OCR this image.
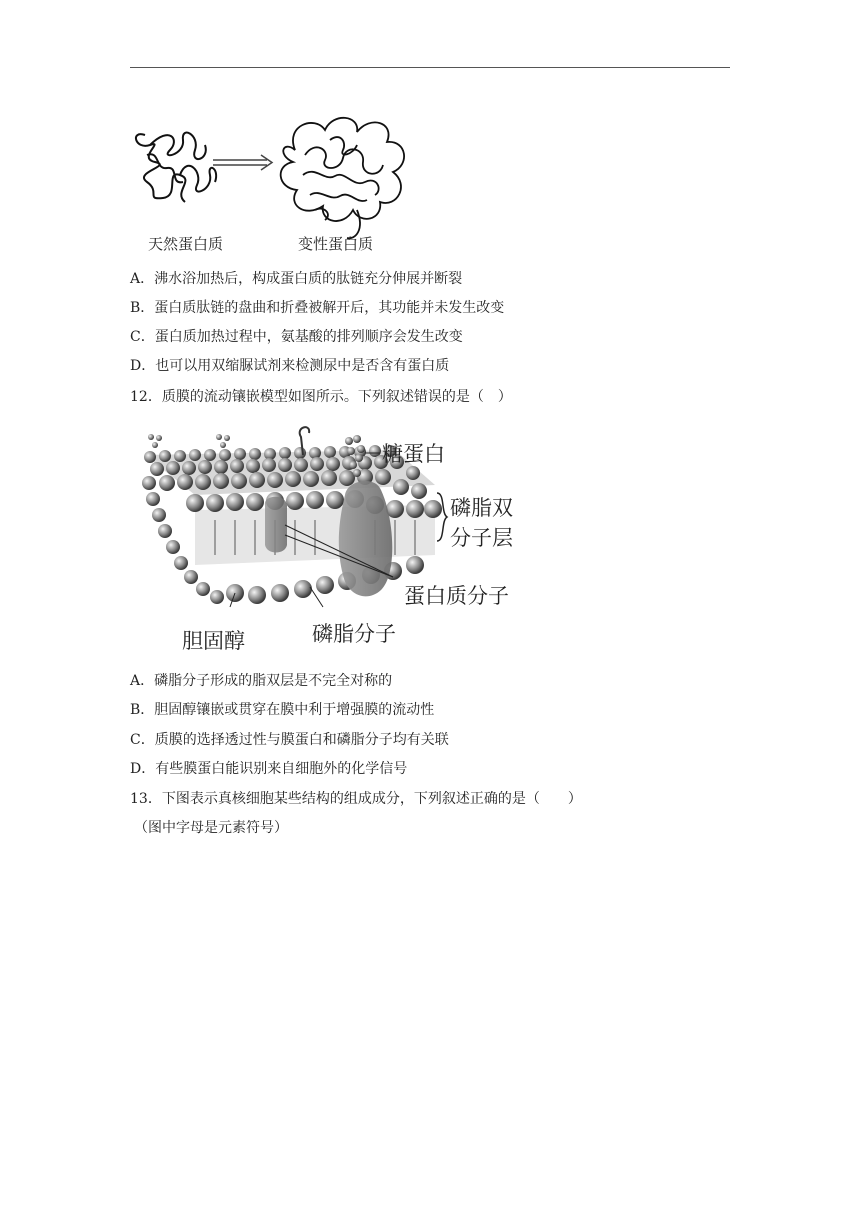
天然蛋白质	变性蛋白质
A．沸水浴加热后，构成蛋白质的肽链充分伸展并断裂
B．蛋白质肽链的盘曲和折叠被解开后，其功能并未发生改变
C．蛋白质加热过程中，氨基酸的排列顺序会发生改变
D．也可以用双缩脲试剂来检测尿中是否含有蛋白质
12．质膜的流动镶嵌模型如图所示。下列叙述错误的是（　）
糖蛋白
磷脂双
分子层
蛋白质分子
胆固醇	磷脂分子
A．磷脂分子形成的脂双层是不完全对称的
B．胆固醇镶嵌或贯穿在膜中利于增强膜的流动性
C．质膜的选择透过性与膜蛋白和磷脂分子均有关联
D．有些膜蛋白能识别来自细胞外的化学信号
13．下图表示真核细胞某些结构的组成成分，下列叙述正确的是（　　）
（图中字母是元素符号）
